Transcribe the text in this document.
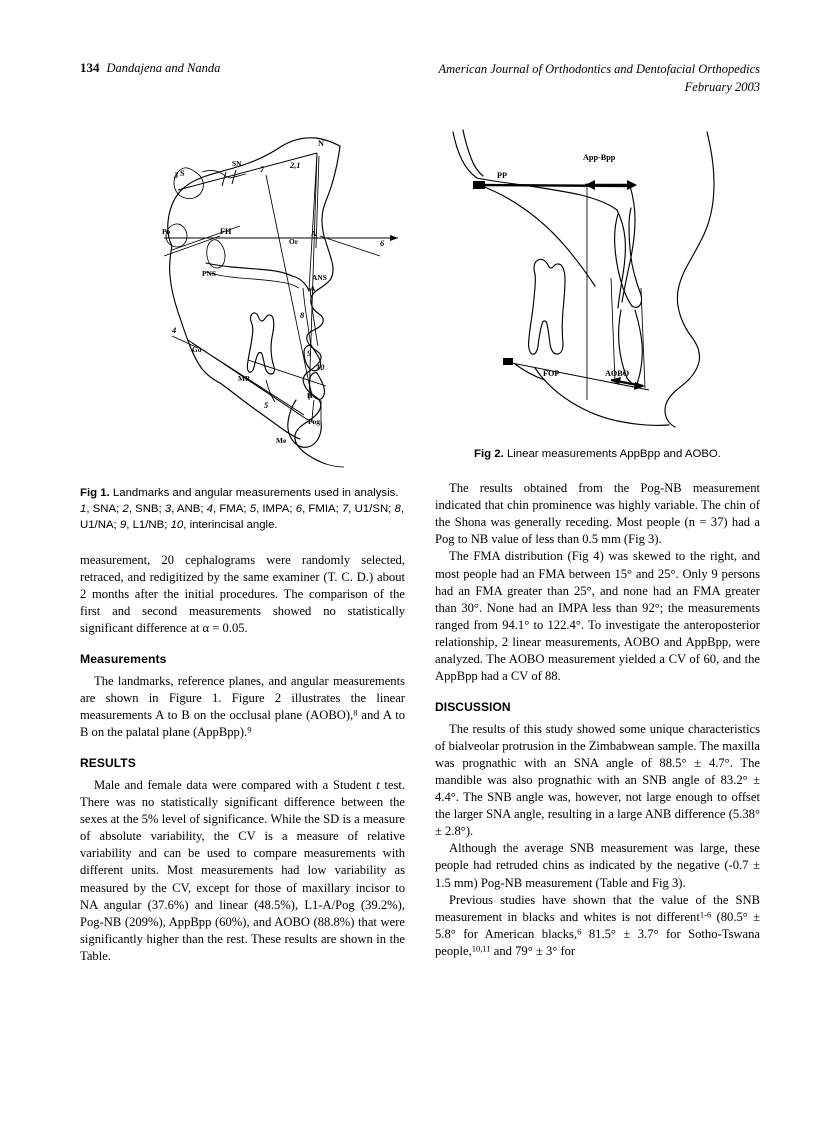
134 Dandajena and Nanda	American Journal of Orthodontics and Dentofacial Orthopedics
February 2003
N
S
SN
Po	FH
Or
A
PNS	ANS
A
B
Pog
Me
Go
MP
2,1
7
8
9
10
6
4
5
3
Fig 1. Landmarks and angular measurements used in analysis. 1, SNA; 2, SNB; 3, ANB; 4, FMA; 5, IMPA; 6, FMIA; 7, U1/SN; 8, U1/NA; 9, L1/NB; 10, interincisal angle.

measurement, 20 cephalograms were randomly selected, retraced, and redigitized by the same examiner (T. C. D.) about 2 months after the initial procedures. The comparison of the first and second measurements showed no statistically significant difference at α = 0.05.

Measurements

The landmarks, reference planes, and angular measurements are shown in Figure 1. Figure 2 illustrates the linear measurements A to B on the occlusal plane (AOBO),$^8$ and A to B on the palatal plane (AppBpp).$^9$

RESULTS

Male and female data were compared with a Student t test. There was no statistically significant difference between the sexes at the 5% level of significance. While the SD is a measure of absolute variability, the CV is a measure of relative variability and can be used to compare measurements with different units. Most measurements had low variability as measured by the CV, except for those of maxillary incisor to NA angular (37.6%) and linear (48.5%), L1-A/Pog (39.2%), Pog-NB (209%), AppBpp (60%), and AOBO (88.8%) that were significantly higher than the rest. These results are shown in the Table.

PP
App-Bpp
FOP	AOBO
Fig 2. Linear measurements AppBpp and AOBO.

The results obtained from the Pog-NB measurement indicated that chin prominence was highly variable. The chin of the Shona was generally receding. Most people (n = 37) had a Pog to NB value of less than 0.5 mm (Fig 3).

The FMA distribution (Fig 4) was skewed to the right, and most people had an FMA between 15° and 25°. Only 9 persons had an FMA greater than 25°, and none had an FMA greater than 30°. None had an IMPA less than 92°; the measurements ranged from 94.1° to 122.4°. To investigate the anteroposterior relationship, 2 linear measurements, AOBO and AppBpp, were analyzed. The AOBO measurement yielded a CV of 60, and the AppBpp had a CV of 88.

DISCUSSION

The results of this study showed some unique characteristics of bialveolar protrusion in the Zimbabwean sample. The maxilla was prognathic with an SNA angle of 88.5° ± 4.7°. The mandible was also prognathic with an SNB angle of 83.2° ± 4.4°. The SNB angle was, however, not large enough to offset the larger SNA angle, resulting in a large ANB difference (5.38° ± 2.8°).

Although the average SNB measurement was large, these people had retruded chins as indicated by the negative (-0.7 ± 1.5 mm) Pog-NB measurement (Table and Fig 3).

Previous studies have shown that the value of the SNB measurement in blacks and whites is not different$^{1-6}$ (80.5° ± 5.8° for American blacks,$^6$ 81.5° ± 3.7° for Sotho-Tswana people,$^{10,11}$ and 79° ± 3° for
